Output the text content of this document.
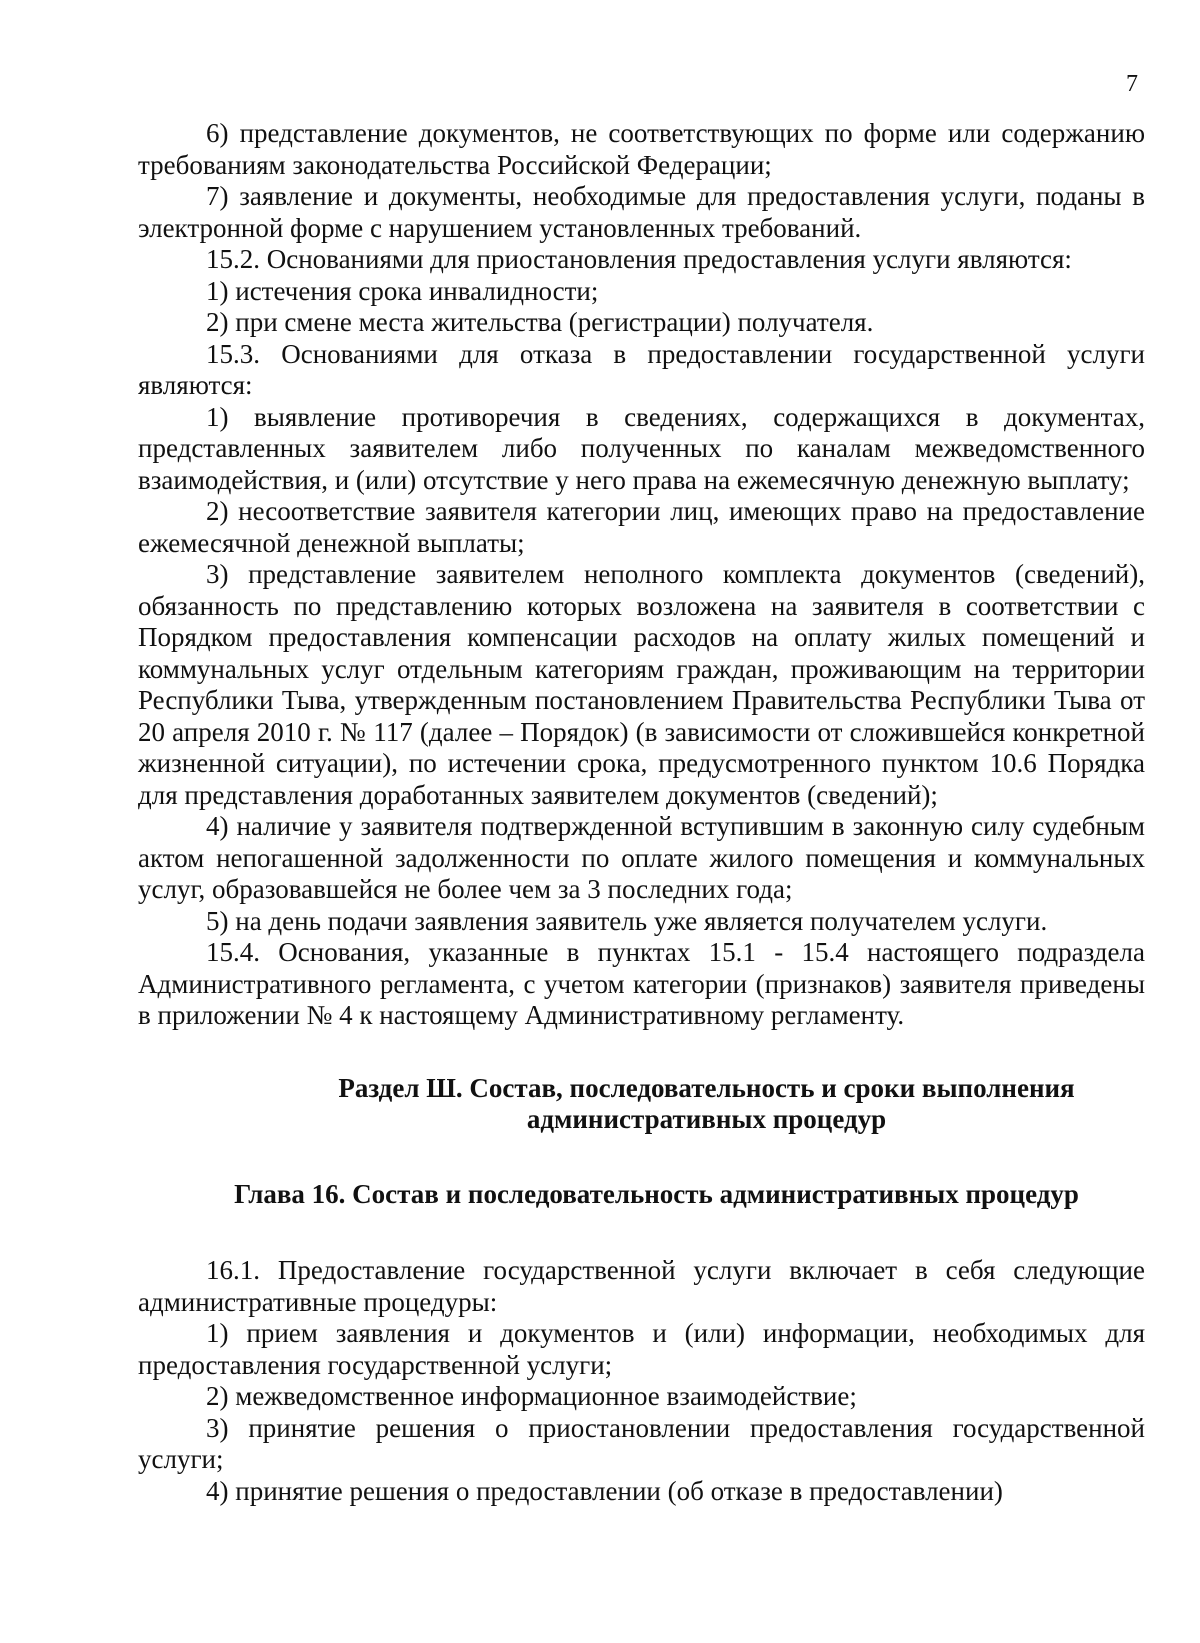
7

6) представление документов, не соответствующих по форме или содержанию требованиям законодательства Российской Федерации;

7) заявление и документы, необходимые для предоставления услуги, поданы в электронной форме с нарушением установленных требований.

15.2. Основаниями для приостановления предоставления услуги являются:

1) истечения срока инвалидности;

2) при смене места жительства (регистрации) получателя.

15.3. Основаниями для отказа в предоставлении государственной услуги являются:

1) выявление противоречия в сведениях, содержащихся в документах, представленных заявителем либо полученных по каналам межведомственного взаимодействия, и (или) отсутствие у него права на ежемесячную денежную выплату;

2) несоответствие заявителя категории лиц, имеющих право на предоставление ежемесячной денежной выплаты;

3) представление заявителем неполного комплекта документов (сведений), обязанность по представлению которых возложена на заявителя в соответствии с Порядком предоставления компенсации расходов на оплату жилых помещений и коммунальных услуг отдельным категориям граждан, проживающим на территории Республики Тыва, утвержденным постановлением Правительства Республики Тыва от 20 апреля 2010 г. № 117 (далее – Порядок) (в зависимости от сложившейся конкретной жизненной ситуации), по истечении срока, предусмотренного пунктом 10.6 Порядка для представления доработанных заявителем документов (сведений);

4) наличие у заявителя подтвержденной вступившим в законную силу судебным актом непогашенной задолженности по оплате жилого помещения и коммунальных услуг, образовавшейся не более чем за 3 последних года;

5) на день подачи заявления заявитель уже является получателем услуги.

15.4. Основания, указанные в пунктах 15.1 - 15.4 настоящего подраздела Административного регламента, с учетом категории (признаков) заявителя приведены в приложении № 4 к настоящему Административному регламенту.

Раздел Ш. Состав, последовательность и сроки выполнения
административных процедур
Глава 16. Состав и последовательность административных процедур

16.1. Предоставление государственной услуги включает в себя следующие административные процедуры:

1) прием заявления и документов и (или) информации, необходимых для предоставления государственной услуги;

2) межведомственное информационное взаимодействие;

3) принятие решения о приостановлении предоставления государственной услуги;

4) принятие решения о предоставлении (об отказе в предоставлении)
